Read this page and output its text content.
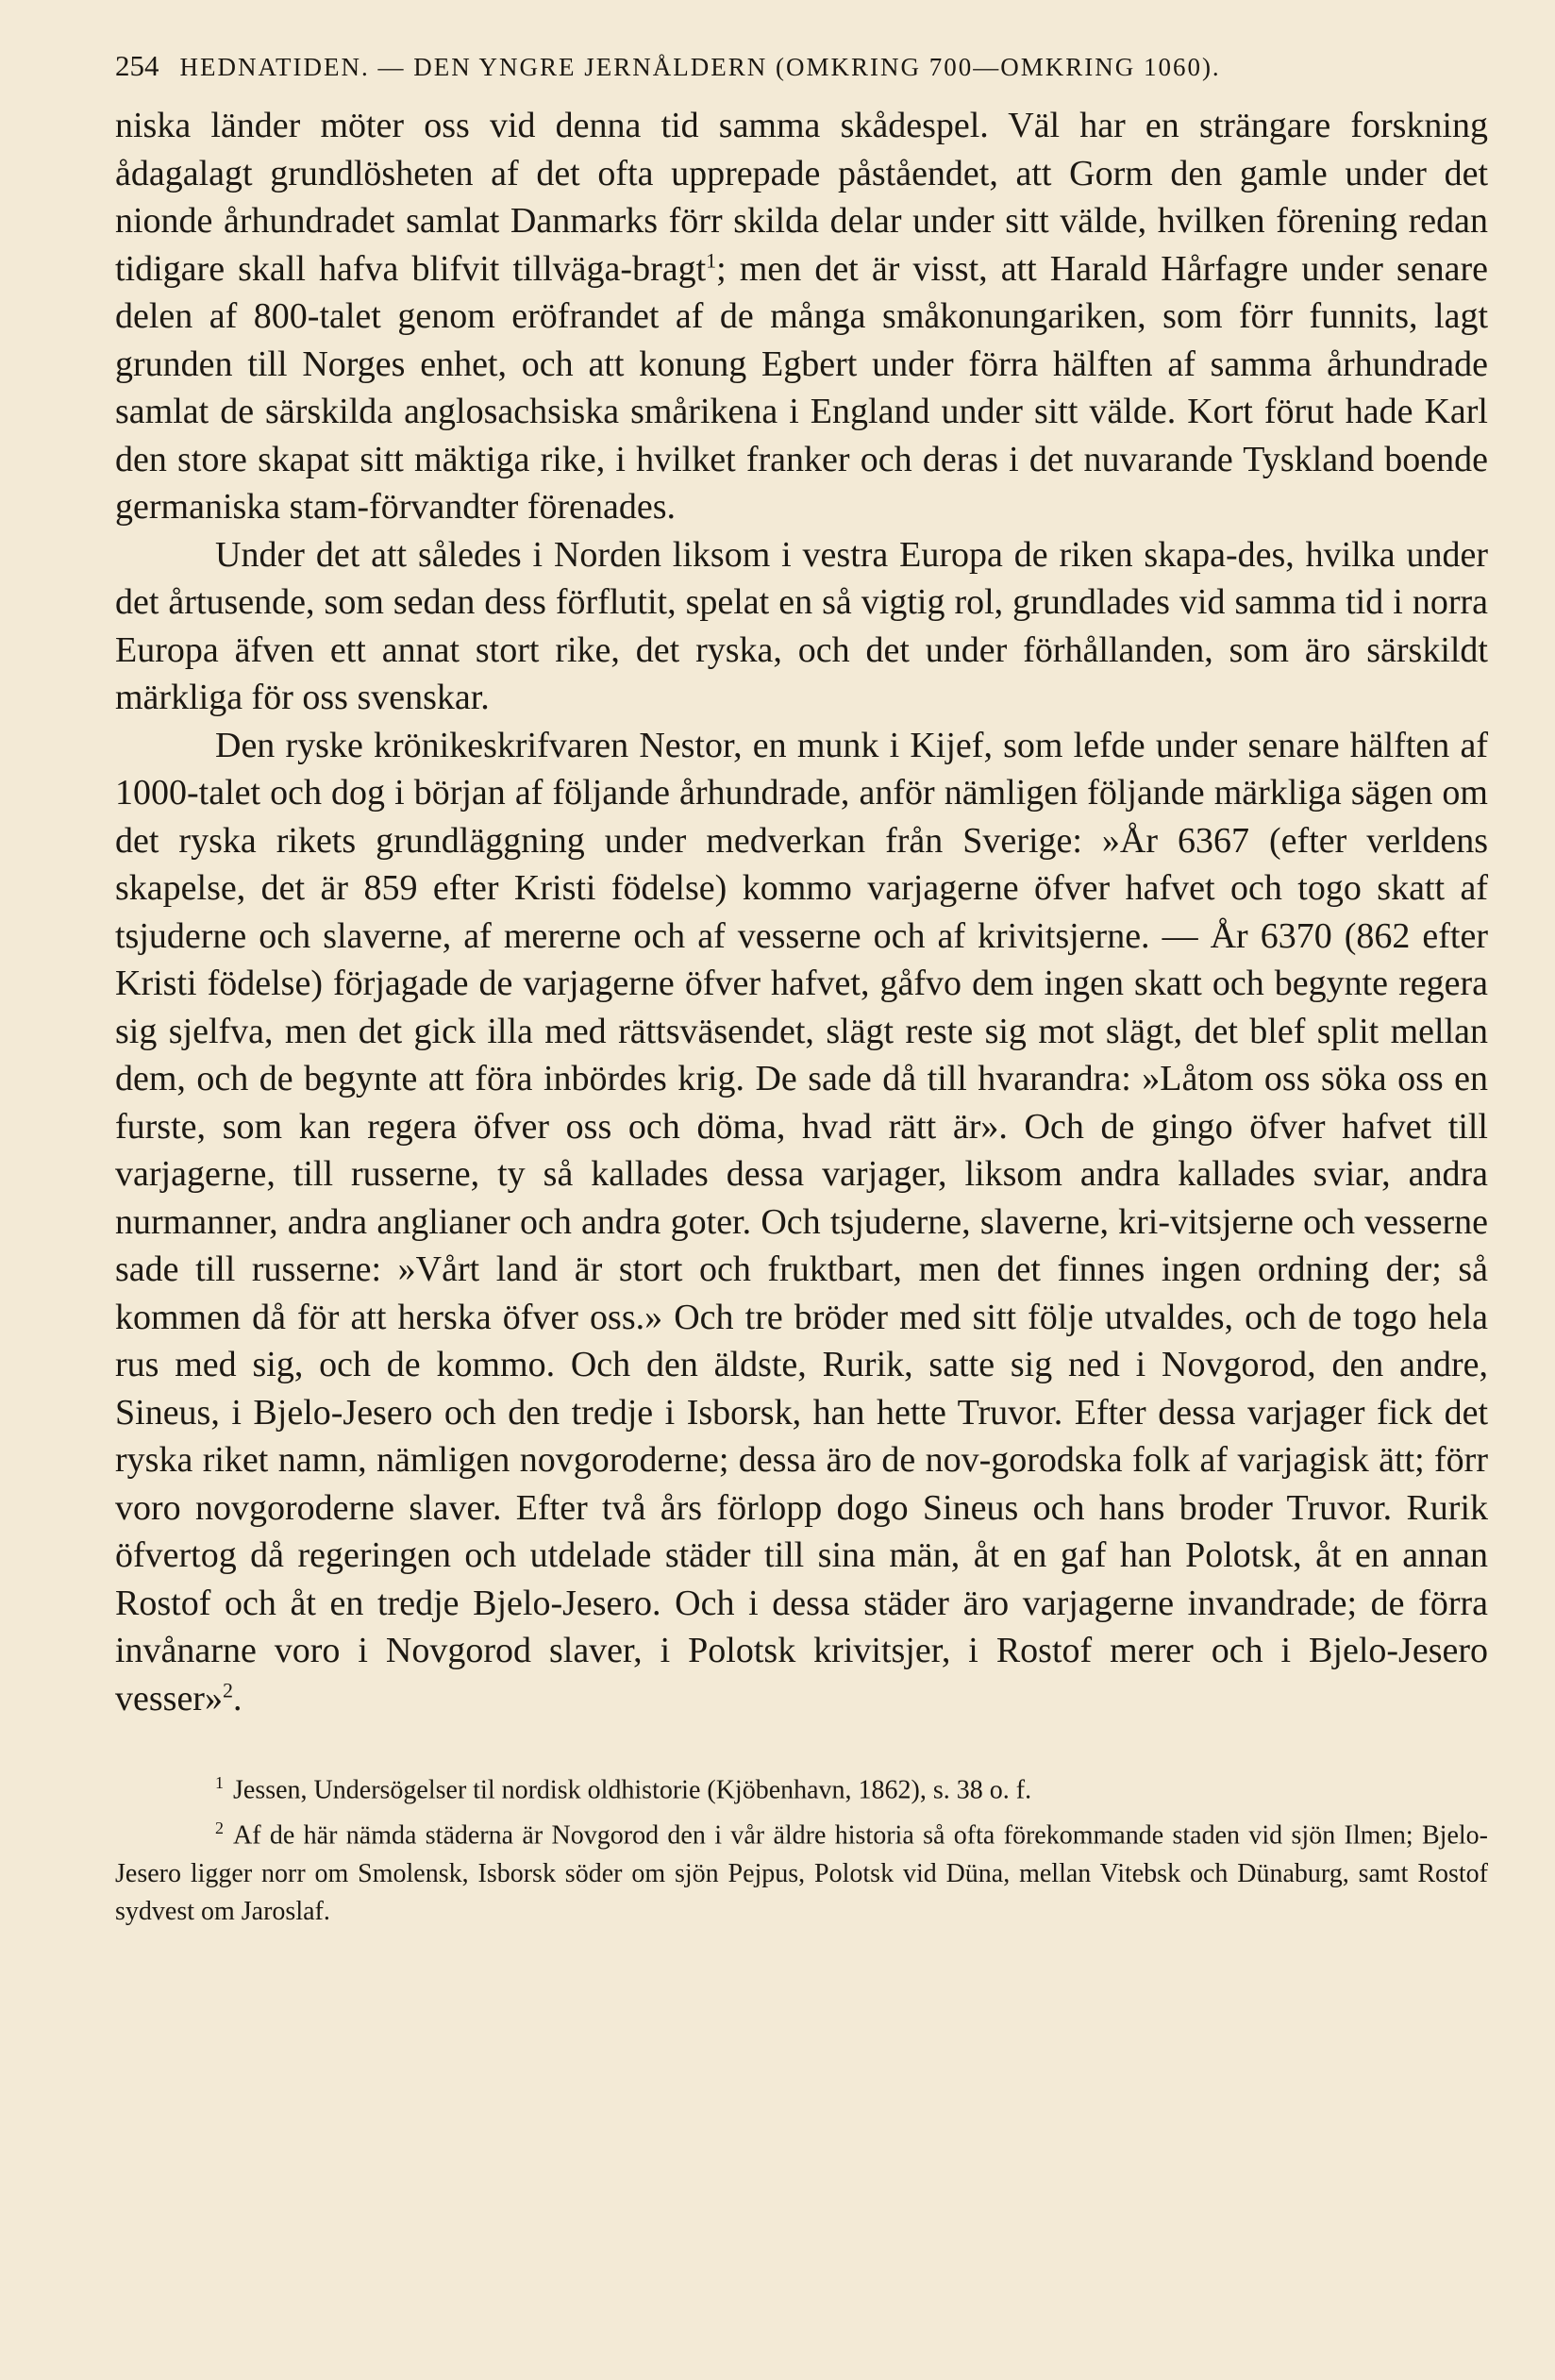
254 HEDNATIDEN. — DEN YNGRE JERNÅLDERN (OMKRING 700—OMKRING 1060).

niska länder möter oss vid denna tid samma skådespel. Väl har en strängare forskning ådagalagt grundlösheten af det ofta upprepade påståendet, att Gorm den gamle under det nionde århundradet samlat Danmarks förr skilda delar under sitt välde, hvilken förening redan tidigare skall hafva blifvit tillväga-bragt$^1$; men det är visst, att Harald Hårfagre under senare delen af 800-talet genom eröfrandet af de många småkonungariken, som förr funnits, lagt grunden till Norges enhet, och att konung Egbert under förra hälften af samma århundrade samlat de särskilda anglosachsiska smårikena i England under sitt välde. Kort förut hade Karl den store skapat sitt mäktiga rike, i hvilket franker och deras i det nuvarande Tyskland boende germaniska stam-förvandter förenades.

Under det att således i Norden liksom i vestra Europa de riken skapa-des, hvilka under det årtusende, som sedan dess förflutit, spelat en så vigtig rol, grundlades vid samma tid i norra Europa äfven ett annat stort rike, det ryska, och det under förhållanden, som äro särskildt märkliga för oss svenskar.

Den ryske krönikeskrifvaren Nestor, en munk i Kijef, som lefde under senare hälften af 1000-talet och dog i början af följande århundrade, anför nämligen följande märkliga sägen om det ryska rikets grundläggning under medverkan från Sverige: »År 6367 (efter verldens skapelse, det är 859 efter Kristi födelse) kommo varjagerne öfver hafvet och togo skatt af tsjuderne och slaverne, af mererne och af vesserne och af krivitsjerne. — År 6370 (862 efter Kristi födelse) förjagade de varjagerne öfver hafvet, gåfvo dem ingen skatt och begynte regera sig sjelfva, men det gick illa med rättsväsendet, slägt reste sig mot slägt, det blef split mellan dem, och de begynte att föra inbördes krig. De sade då till hvarandra: »Låtom oss söka oss en furste, som kan regera öfver oss och döma, hvad rätt är». Och de gingo öfver hafvet till varjagerne, till russerne, ty så kallades dessa varjager, liksom andra kallades sviar, andra nurmanner, andra anglianer och andra goter. Och tsjuderne, slaverne, kri-vitsjerne och vesserne sade till russerne: »Vårt land är stort och fruktbart, men det finnes ingen ordning der; så kommen då för att herska öfver oss.» Och tre bröder med sitt följe utvaldes, och de togo hela rus med sig, och de kommo. Och den äldste, Rurik, satte sig ned i Novgorod, den andre, Sineus, i Bjelo-Jesero och den tredje i Isborsk, han hette Truvor. Efter dessa varjager fick det ryska riket namn, nämligen novgoroderne; dessa äro de nov-gorodska folk af varjagisk ätt; förr voro novgoroderne slaver. Efter två års förlopp dogo Sineus och hans broder Truvor. Rurik öfvertog då regeringen och utdelade städer till sina män, åt en gaf han Polotsk, åt en annan Rostof och åt en tredje Bjelo-Jesero. Och i dessa städer äro varjagerne invandrade; de förra invånarne voro i Novgorod slaver, i Polotsk krivitsjer, i Rostof merer och i Bjelo-Jesero vesser»$^2$.

$^1$ Jessen, Undersögelser til nordisk oldhistorie (Kjöbenhavn, 1862), s. 38 o. f.

$^2$ Af de här nämda städerna är Novgorod den i vår äldre historia så ofta förekommande staden vid sjön Ilmen; Bjelo-Jesero ligger norr om Smolensk, Isborsk söder om sjön Pejpus, Polotsk vid Düna, mellan Vitebsk och Dünaburg, samt Rostof sydvest om Jaroslaf.
